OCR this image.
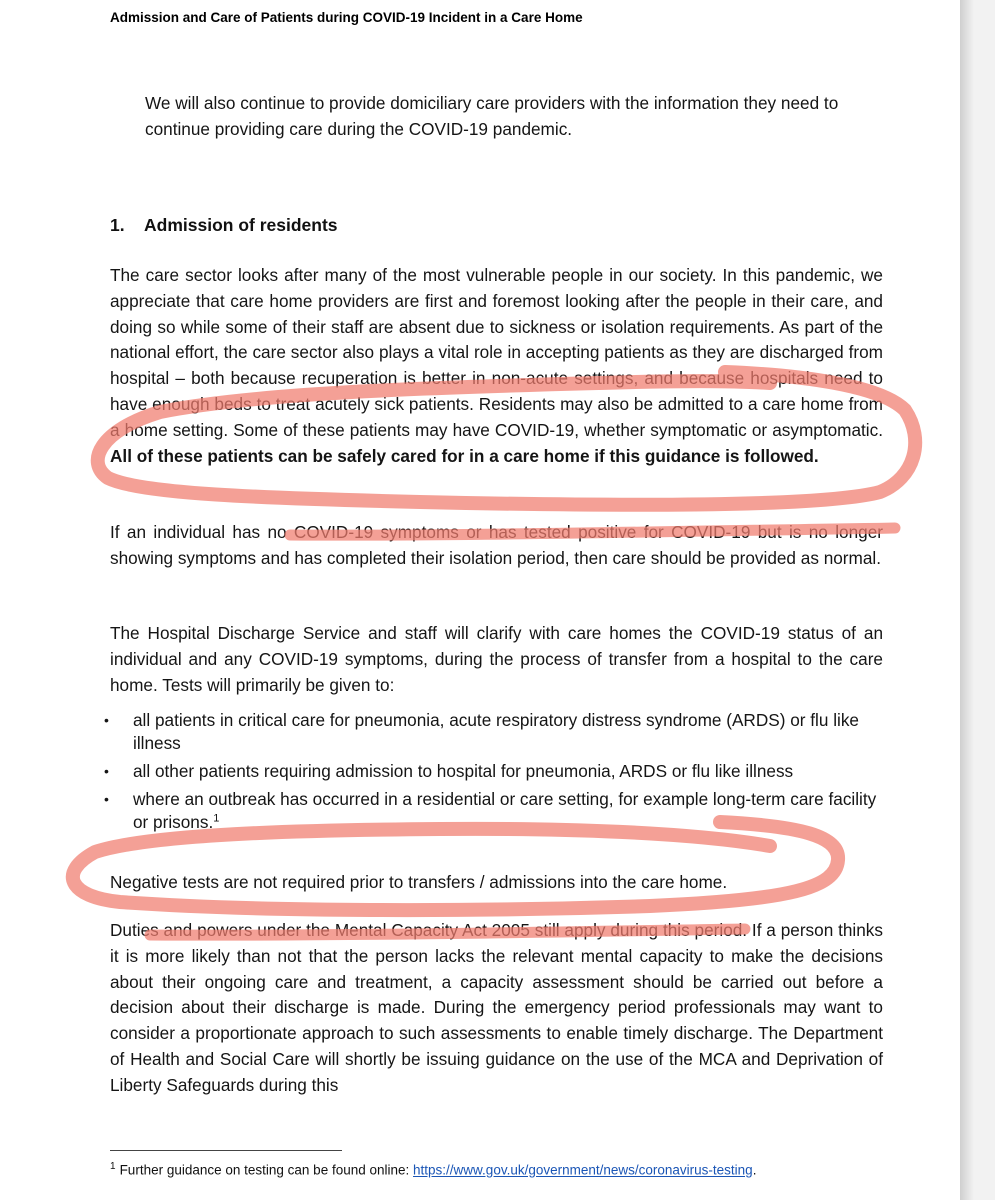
Admission and Care of Patients during COVID-19 Incident in a Care Home

We will also continue to provide domiciliary care providers with the information they need to continue providing care during the COVID-19 pandemic.

1. Admission of residents

The care sector looks after many of the most vulnerable people in our society. In this pandemic, we appreciate that care home providers are first and foremost looking after the people in their care, and doing so while some of their staff are absent due to sickness or isolation requirements. As part of the national effort, the care sector also plays a vital role in accepting patients as they are discharged from hospital – both because recuperation is better in non-acute settings, and because hospitals need to have enough beds to treat acutely sick patients. Residents may also be admitted to a care home from a home setting. Some of these patients may have COVID-19, whether symptomatic or asymptomatic. All of these patients can be safely cared for in a care home if this guidance is followed.

If an individual has no COVID-19 symptoms or has tested positive for COVID-19 but is no longer showing symptoms and has completed their isolation period, then care should be provided as normal.

The Hospital Discharge Service and staff will clarify with care homes the COVID-19 status of an individual and any COVID-19 symptoms, during the process of transfer from a hospital to the care home. Tests will primarily be given to:

• all patients in critical care for pneumonia, acute respiratory distress syndrome (ARDS) or flu like illness
• all other patients requiring admission to hospital for pneumonia, ARDS or flu like illness
• where an outbreak has occurred in a residential or care setting, for example long-term care facility or prisons.$^1$

Negative tests are not required prior to transfers / admissions into the care home.

Duties and powers under the Mental Capacity Act 2005 still apply during this period. If a person thinks it is more likely than not that the person lacks the relevant mental capacity to make the decisions about their ongoing care and treatment, a capacity assessment should be carried out before a decision about their discharge is made. During the emergency period professionals may want to consider a proportionate approach to such assessments to enable timely discharge. The Department of Health and Social Care will shortly be issuing guidance on the use of the MCA and Deprivation of Liberty Safeguards during this

$^1$ Further guidance on testing can be found online: https://www.gov.uk/government/news/coronavirus-testing.
